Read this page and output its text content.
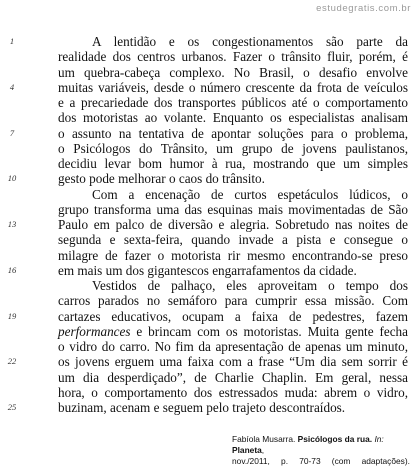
estudegratis.com.br
1	A lentidão e os congestionamentos são parte da
realidade dos centros urbanos. Fazer o trânsito fluir, porém, é
um quebra-cabeça complexo. No Brasil, o desafio envolve
4	muitas variáveis, desde o número crescente da frota de veículos
e a precariedade dos transportes públicos até o comportamento
dos motoristas ao volante. Enquanto os especialistas analisam
7	o assunto na tentativa de apontar soluções para o problema,
o Psicólogos do Trânsito, um grupo de jovens paulistanos,
decidiu levar bom humor à rua, mostrando que um simples
10	gesto pode melhorar o caos do trânsito.
Com a encenação de curtos espetáculos lúdicos, o
grupo transforma uma das esquinas mais movimentadas de São
13	Paulo em palco de diversão e alegria. Sobretudo nas noites de
segunda e sexta-feira, quando invade a pista e consegue o
milagre de fazer o motorista rir mesmo encontrando-se preso
16	em mais um dos gigantescos engarrafamentos da cidade.
Vestidos de palhaço, eles aproveitam o tempo dos
carros parados no semáforo para cumprir essa missão. Com
19	cartazes educativos, ocupam a faixa de pedestres, fazem
performances e brincam com os motoristas. Muita gente fecha
o vidro do carro. No fim da apresentação de apenas um minuto,
22	os jovens erguem uma faixa com a frase “Um dia sem sorrir é
um dia desperdiçado”, de Charlie Chaplin. Em geral, nessa
hora, o comportamento dos estressados muda: abrem o vidro,
25	buzinam, acenam e seguem pelo trajeto descontraídos.
Fabíola Musarra. Psicólogos da rua. In: Planeta,
nov./2011, p. 70-73 (com adaptações).
